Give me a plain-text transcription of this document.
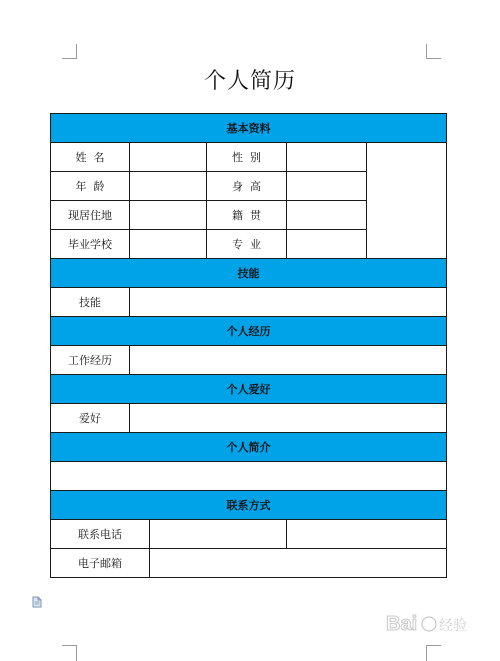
个人简历
基本资料					
姓  名			性  别		
年  龄			身  高		
现居住地			籍  贯		
毕业学校			专  业		
技能					
技能					
个人经历					
工作经历					
个人爱好					
爱好					
个人简介					

联系方式					
联系电话					
电子邮箱					
Bai 经验
